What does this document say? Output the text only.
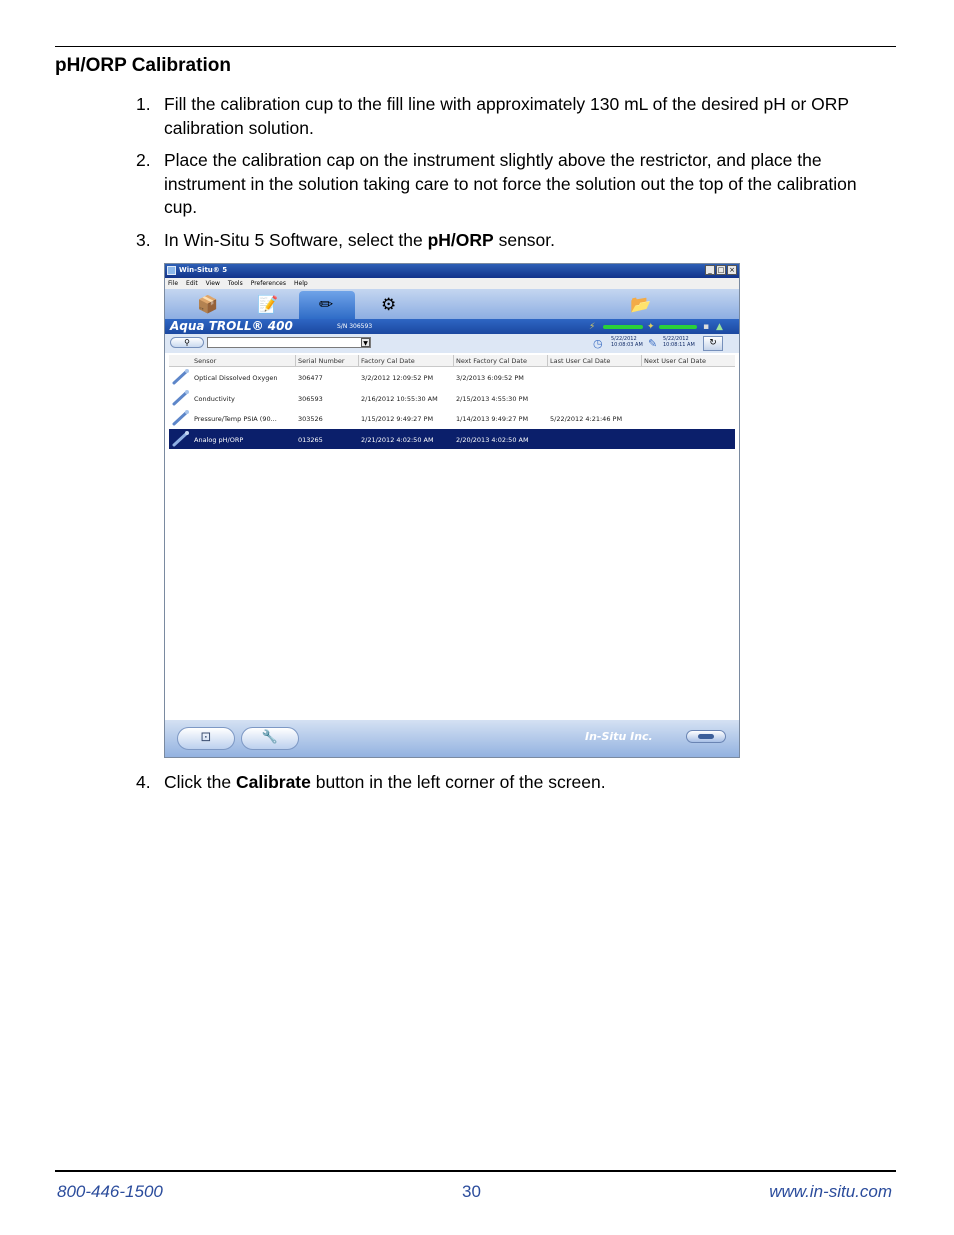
pH/ORP Calibration
1. Fill the calibration cup to the fill line with approximately 130 mL of the desired pH or ORP calibration solution.
2. Place the calibration cap on the instrument slightly above the restrictor, and place the instrument in the solution taking care to not force the solution out the top of the calibration cup.
3. In Win-Situ 5 Software, select the pH/ORP sensor.
Win-Situ® 5	_ □ ×
File Edit View Tools Preferences Help
📦 📝 ✏	⚙	📂
Aqua TROLL® 400	S/N 306593	⚡	✦	▪ ▲
⚲	▼	◷ 5/22/2012
10:08:03 AM ✎ 5/22/2012
10:08:11 AM	↻
Sensor	Serial Number	Factory Cal Date	Next Factory Cal Date	Last User Cal Date	Next User Cal Date
Optical Dissolved Oxygen	306477	3/2/2012 12:09:52 PM	3/2/2013 6:09:52 PM
Conductivity	306593	2/16/2012 10:55:30 AM	2/15/2013 4:55:30 PM
Pressure/Temp PSIA (90...	303526	1/15/2012 9:49:27 PM	1/14/2013 9:49:27 PM	5/22/2012 4:21:46 PM
Analog pH/ORP	013265	2/21/2012 4:02:50 AM	2/20/2013 4:02:50 AM
⊡	🔧	In-Situ Inc.
4. Click the Calibrate button in the left corner of the screen.
800-446-1500	30	www.in-situ.com
